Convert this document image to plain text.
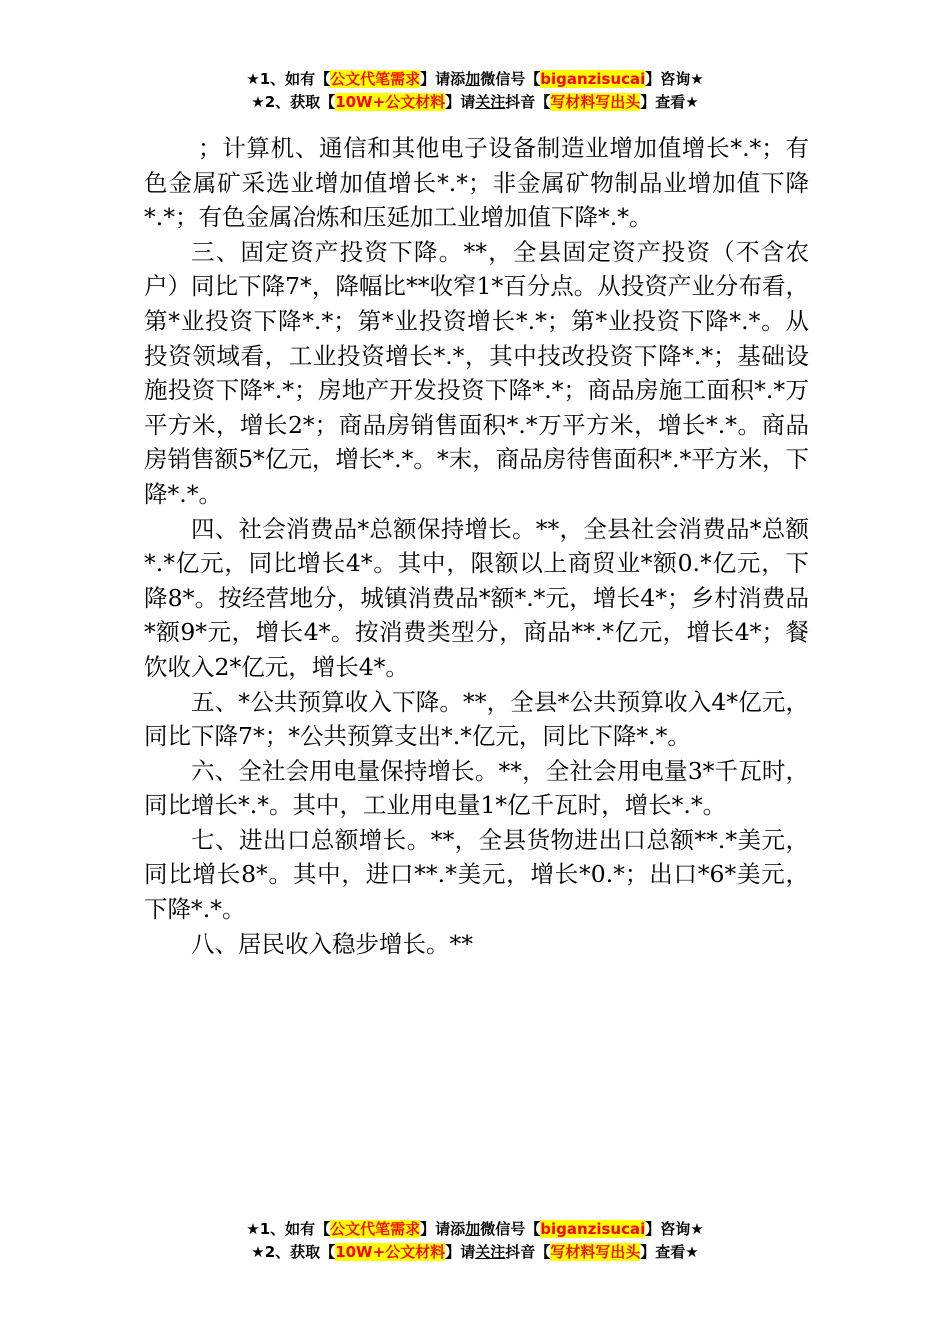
★1、如有【公文代笔需求】请添加微信号【biganzisucai】咨询★
★2、获取【10W+公文材料】请关注抖音【写材料写出头】查看★

；计算机、通信和其他电子设备制造业增加值增长*.*；有色金属矿采选业增加值增长*.*；非金属矿物制品业增加值下降*.*；有色金属冶炼和压延加工业增加值下降*.*。

三、固定资产投资下降。**，全县固定资产投资（不含农户）同比下降7*，降幅比**收窄1*百分点。从投资产业分布看，第*业投资下降*.*；第*业投资增长*.*；第*业投资下降*.*。从投资领域看，工业投资增长*.*，其中技改投资下降*.*；基础设施投资下降*.*；房地产开发投资下降*.*；商品房施工面积*.*万平方米，增长2*；商品房销售面积*.*万平方米，增长*.*。商品房销售额5*亿元，增长*.*。*末，商品房待售面积*.*平方米，下降*.*。

四、社会消费品*总额保持增长。**，全县社会消费品*总额*.*亿元，同比增长4*。其中，限额以上商贸业*额0.*亿元，下降8*。按经营地分，城镇消费品*额*.*元，增长4*；乡村消费品*额9*元，增长4*。按消费类型分，商品**.*亿元，增长4*；餐饮收入2*亿元，增长4*。

五、*公共预算收入下降。**，全县*公共预算收入4*亿元，同比下降7*；*公共预算支出*.*亿元，同比下降*.*。

六、全社会用电量保持增长。**，全社会用电量3*千瓦时，同比增长*.*。其中，工业用电量1*亿千瓦时，增长*.*。

七、进出口总额增长。**，全县货物进出口总额**.*美元，同比增长8*。其中，进口**.*美元，增长*0.*；出口*6*美元，下降*.*。

八、居民收入稳步增长。**

★1、如有【公文代笔需求】请添加微信号【biganzisucai】咨询★
★2、获取【10W+公文材料】请关注抖音【写材料写出头】查看★
